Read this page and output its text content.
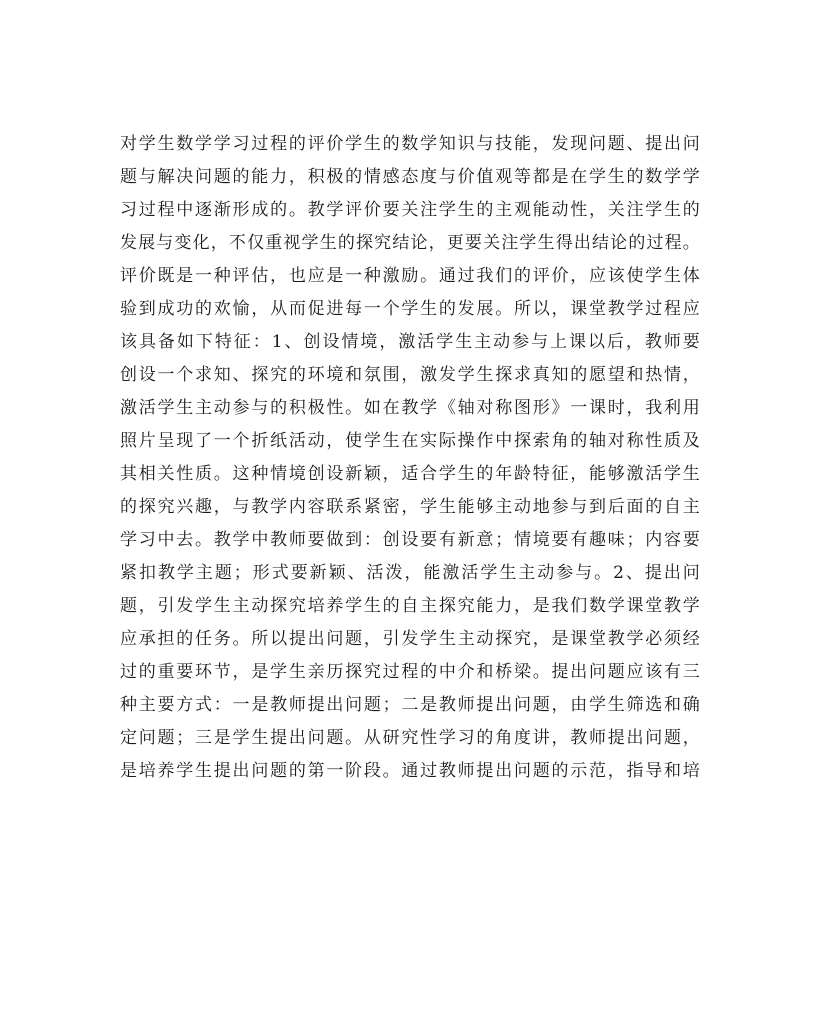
对学生数学学习过程的评价学生的数学知识与技能，发现问题、提出问
题与解决问题的能力，积极的情感态度与价值观等都是在学生的数学学
习过程中逐渐形成的。教学评价要关注学生的主观能动性，关注学生的
发展与变化，不仅重视学生的探究结论，更要关注学生得出结论的过程。
评价既是一种评估，也应是一种激励。通过我们的评价，应该使学生体
验到成功的欢愉，从而促进每一个学生的发展。所以，课堂教学过程应
该具备如下特征：1、创设情境，激活学生主动参与上课以后，教师要
创设一个求知、探究的环境和氛围，激发学生探求真知的愿望和热情，
激活学生主动参与的积极性。如在教学《轴对称图形》一课时，我利用
照片呈现了一个折纸活动，使学生在实际操作中探索角的轴对称性质及
其相关性质。这种情境创设新颖，适合学生的年龄特征，能够激活学生
的探究兴趣，与教学内容联系紧密，学生能够主动地参与到后面的自主
学习中去。教学中教师要做到：创设要有新意；情境要有趣味；内容要
紧扣教学主题；形式要新颖、活泼，能激活学生主动参与。2、提出问
题，引发学生主动探究培养学生的自主探究能力，是我们数学课堂教学
应承担的任务。所以提出问题，引发学生主动探究，是课堂教学必须经
过的重要环节，是学生亲历探究过程的中介和桥梁。提出问题应该有三
种主要方式：一是教师提出问题；二是教师提出问题，由学生筛选和确
定问题；三是学生提出问题。从研究性学习的角度讲，教师提出问题，
是培养学生提出问题的第一阶段。通过教师提出问题的示范，指导和培
